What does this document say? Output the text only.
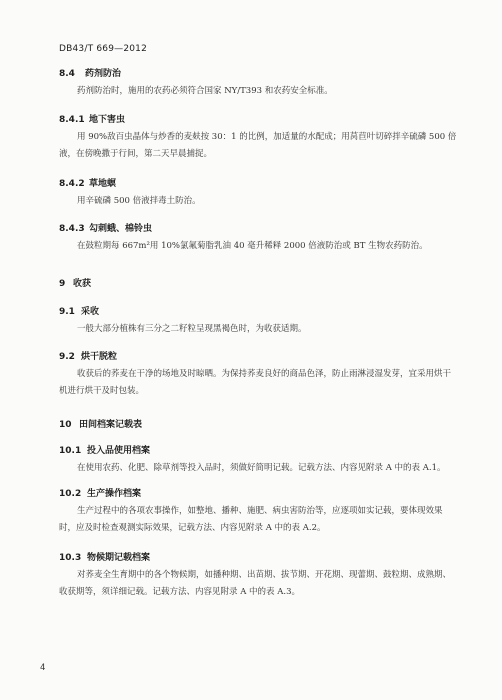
DB43/T 669—2012
8.4 药剂防治
药剂防治时，施用的农药必须符合国家 NY/T393 和农药安全标准。
8.4.1 地下害虫
用 90%敌百虫晶体与炒香的麦麸按 30：1 的比例，加适量的水配成；用莴苣叶切碎拌辛硫磷 500 倍液，在傍晚撒于行间，第二天早晨捕捉。
8.4.2 草地螟
用辛硫磷 500 倍液拌毒土防治。
8.4.3 勾刺蛾、棉铃虫
在鼓粒期每 667m²用 10%氯氟菊脂乳油 40 毫升稀释 2000 倍液防治或 BT 生物农药防治。
9 收获
9.1 采收
一般大部分植株有三分之二籽粒呈现黑褐色时，为收获适期。
9.2 烘干脱粒
收获后的荞麦在干净的场地及时晾晒。为保持荞麦良好的商品色泽，防止雨淋浸湿发芽，宜采用烘干机进行烘干及时包装。
10 田间档案记载表
10.1 投入品使用档案
在使用农药、化肥、除草剂等投入品时，须做好简明记载。记载方法、内容见附录 A 中的表 A.1。
10.2 生产操作档案
生产过程中的各项农事操作，如整地、播种、施肥、病虫害防治等，应逐项如实记载，要体现效果时，应及时检查观测实际效果，记载方法、内容见附录 A 中的表 A.2。
10.3 物候期记载档案
对荞麦全生育期中的各个物候期，如播种期、出苗期、拔节期、开花期、现蕾期、鼓粒期、成熟期、收获期等，须详细记载。记载方法、内容见附录 A 中的表 A.3。
4
